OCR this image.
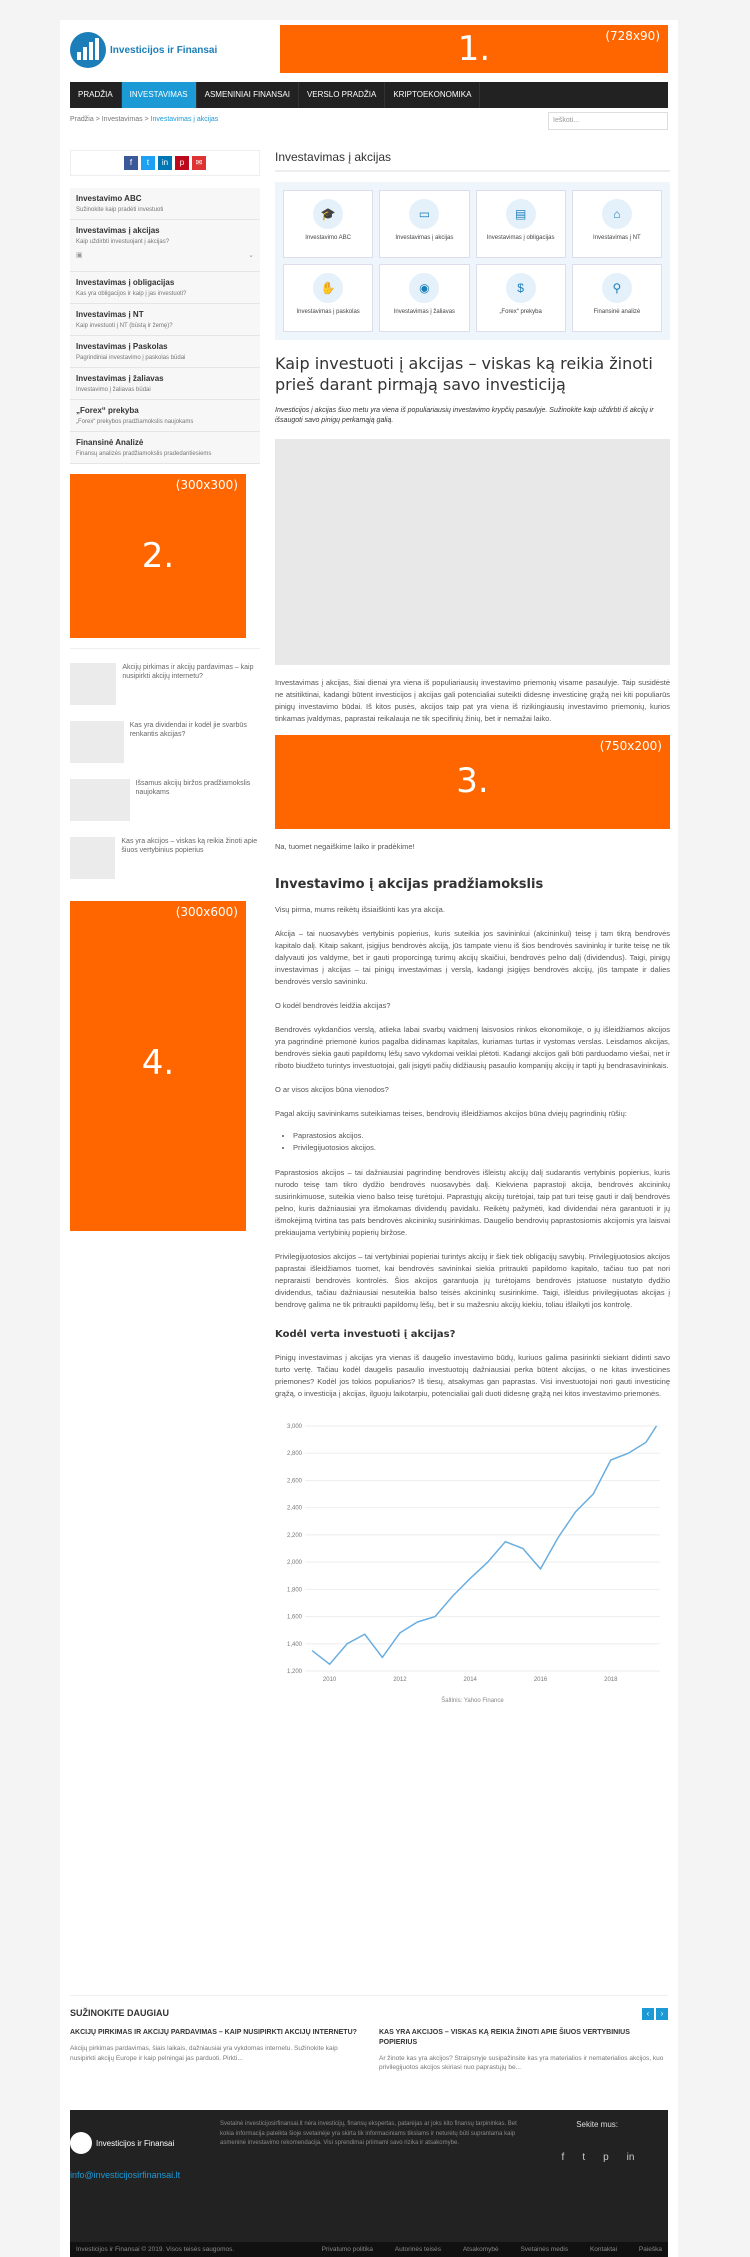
Investicijos ir Finansai
(728x90)
1.
PRADŽIA	INVESTAVIMAS	ASMENINIAI FINANSAI	VERSLO PRADŽIA	KRIPTOEKONOMIKA
Pradžia > Investavimas > Investavimas į akcijas	Ieškoti...
f	t	in	p	✉
Investavimo ABC
Sužinokite kaip pradėti investuoti
Investavimas į akcijas
Kaip uždirbti investuojant į akcijas?
▣	⌄
Investavimas į obligacijas
Kas yra obligacijos ir kaip į jas investuoti?
Investavimas į NT
Kaip investuoti į NT (būstą ir žemę)?
Investavimas į Paskolas
Pagrindiniai investavimo į paskolas būdai
Investavimas į žaliavas
Investavimo į žaliavas būdai
„Forex“ prekyba
„Forex“ prekybos pradžiamokslis naujokams
Finansinė Analizė
Finansų analizės pradžiamokslis pradedantiesiems
(300x300)
2.
Akcijų pirkimas ir akcijų pardavimas – kaip nusipirkti akcijų internetu?
Kas yra dividendai ir kodėl jie svarbūs renkantis akcijas?
Išsamus akcijų biržos pradžiamokslis naujokams
Kas yra akcijos – viskas ką reikia žinoti apie šiuos vertybinius popierius
(300x600)
4.
Investavimas į akcijas
🎓
Investavimo ABC
▭
Investavimas į akcijas
▤
Investavimas į obligacijas
⌂
Investavimas į NT
✋
Investavimas į paskolas
◉
Investavimas į žaliavas
$
„Forex“ prekyba
⚲
Finansinė analizė
Kaip investuoti į akcijas – viskas ką reikia žinoti prieš darant pirmąją savo investiciją
Investicijos į akcijas šiuo metu yra viena iš populiariausių investavimo krypčių pasaulyje. Sužinokite kaip uždirbti iš akcijų ir išsaugoti savo pinigų perkamąją galią.

Investavimas į akcijas, šiai dienai yra viena iš populiariausių investavimo priemonių visame pasaulyje. Taip susidėstė ne atsitiktinai, kadangi būtent investicijos į akcijas gali potencialiai suteikti didesnę investicinę grąžą nei kiti populiarūs pinigų investavimo būdai. Iš kitos pusės, akcijos taip pat yra viena iš rizikingiausių investavimo priemonių, kurios tinkamas įvaldymas, paprastai reikalauja ne tik specifinių žinių, bet ir nemažai laiko.

(750x200)
3.

Na, tuomet negaiškime laiko ir pradėkime!

Investavimo į akcijas pradžiamokslis

Visų pirma, mums reikėtų išsiaiškinti kas yra akcija.

Akcija – tai nuosavybės vertybinis popierius, kuris suteikia jos savininkui (akcininkui) teisę į tam tikrą bendrovės kapitalo dalį. Kitaip sakant, įsigijus bendrovės akciją, jūs tampate vienu iš šios bendrovės savininkų ir turite teisę ne tik dalyvauti jos valdyme, bet ir gauti proporcingą turimų akcijų skaičiui, bendrovės pelno dalį (dividendus). Taigi, pinigų investavimas į akcijas – tai pinigų investavimas į verslą, kadangi įsigijęs bendrovės akcijų, jūs tampate ir dalies bendrovės verslo savininku.

O kodėl bendrovės leidžia akcijas?

Bendrovės vykdančios verslą, atlieka labai svarbų vaidmenį laisvosios rinkos ekonomikoje, o jų išleidžiamos akcijos yra pagrindinė priemonė kurios pagalba didinamas kapitalas, kuriamas turtas ir vystomas verslas. Leisdamos akcijas, bendrovės siekia gauti papildomų lėšų savo vykdomai veiklai plėtoti. Kadangi akcijos gali būti parduodamo viešai, net ir riboto biudžeto turintys investuotojai, gali įsigyti pačių didžiausių pasaulio kompanijų akcijų ir tapti jų bendrasavininkais.

O ar visos akcijos būna vienodos?

Pagal akcijų savininkams suteikiamas teises, bendrovių išleidžiamos akcijos būna dviejų pagrindinių rūšių:

• Paprastosios akcijos.
• Privilegijuotosios akcijos.

Paprastosios akcijos – tai dažniausiai pagrindinę bendrovės išleistų akcijų dalį sudarantis vertybinis popierius, kuris nurodo teisę tam tikro dydžio bendrovės nuosavybės dalį. Kiekviena paprastoji akcija, bendrovės akcininkų susirinkimuose, suteikia vieno balso teisę turėtojui. Paprastųjų akcijų turėtojai, taip pat turi teisę gauti ir dalį bendrovės pelno, kuris dažniausiai yra išmokamas dividendų pavidalu. Reikėtų pažymėti, kad dividendai nėra garantuoti ir jų išmokėjimą tvirtina tas pats bendrovės akcininkų susirinkimas. Daugelio bendrovių paprastosiomis akcijomis yra laisvai prekiaujama vertybinių popierių biržose.

Privilegijuotosios akcijos – tai vertybiniai popieriai turintys akcijų ir šiek tiek obligacijų savybių. Privilegijuotosios akcijos paprastai išleidžiamos tuomet, kai bendrovės savininkai siekia pritraukti papildomo kapitalo, tačiau tuo pat nori nepraraisti bendrovės kontrolės. Šios akcijos garantuoja jų turėtojams bendrovės įstatuose nustatyto dydžio dividendus, tačiau dažniausiai nesuteikia balso teisės akcininkų susirinkime. Taigi, išleidus privilegijuotas akcijas į bendrovę galima ne tik pritraukti papildomų lėšų, bet ir su mažesniu akcijų kiekiu, toliau išlaikyti jos kontrolę.

Kodėl verta investuoti į akcijas?

Pinigų investavimas į akcijas yra vienas iš daugelio investavimo būdų, kuriuos galima pasirinkti siekiant didinti savo turto vertę. Tačiau kodėl daugelis pasaulio investuotojų dažniausiai perka būtent akcijas, o ne kitas investicines priemones? Kodėl jos tokios populiarios? Iš tiesų, atsakymas gan paprastas. Visi investuotojai nori gauti investicinę grąžą, o investicija į akcijas, ilguoju laikotarpiu, potencialiai gali duoti didesnę grąžą nei kitos investavimo priemonės.

1,200
1,400
1,600
1,800
2,000
2,200
2,400
2,600
2,800
3,000
2010	2012	2014	2016	2018
Šaltinis: Yahoo Finance
SUŽINOKITE DAUGIAU	‹ ›
AKCIJŲ PIRKIMAS IR AKCIJŲ PARDAVIMAS – KAIP NUSIPIRKTI AKCIJŲ INTERNETU?
Akcijų pirkimas pardavimas, šiais laikais, dažniausiai yra vykdomas internetu. Sužinokite kaip nusipirkti akcijų Europe ir kaip pelningai jas parduoti. Pirkti...
KAS YRA AKCIJOS – VISKAS KĄ REIKIA ŽINOTI APIE ŠIUOS VERTYBINIUS POPIERIUS
Ar žinote kas yra akcijos? Straipsnyje susipažinsite kas yra materialios ir nematerialios akcijos, kuo privilegijuotos akcijos skiriasi nuo paprastųjų be...
Investicijos ir Finansai
info@investicijosirfinansai.lt
Svetainė investicijosirfinansai.lt nėra investicijų, finansų ekspertas, patarėjas ar joks kito finansų tarpininkas. Bet kokia informacija pateikta šioje svetainėje yra skirta tik informaciniams tikslams ir neturėtų būti suprantama kaip asmeninė investavimo rekomendacija. Visi sprendimai priimami savo rizika ir atsakomybe.
Sekite mus:
f t p in
Investicijos ir Finansai © 2019. Visos teisės saugomos.	Privatumo politika	Autorinės teisės	Atsakomybė	Svetainės medis	Kontaktai	Paieška
